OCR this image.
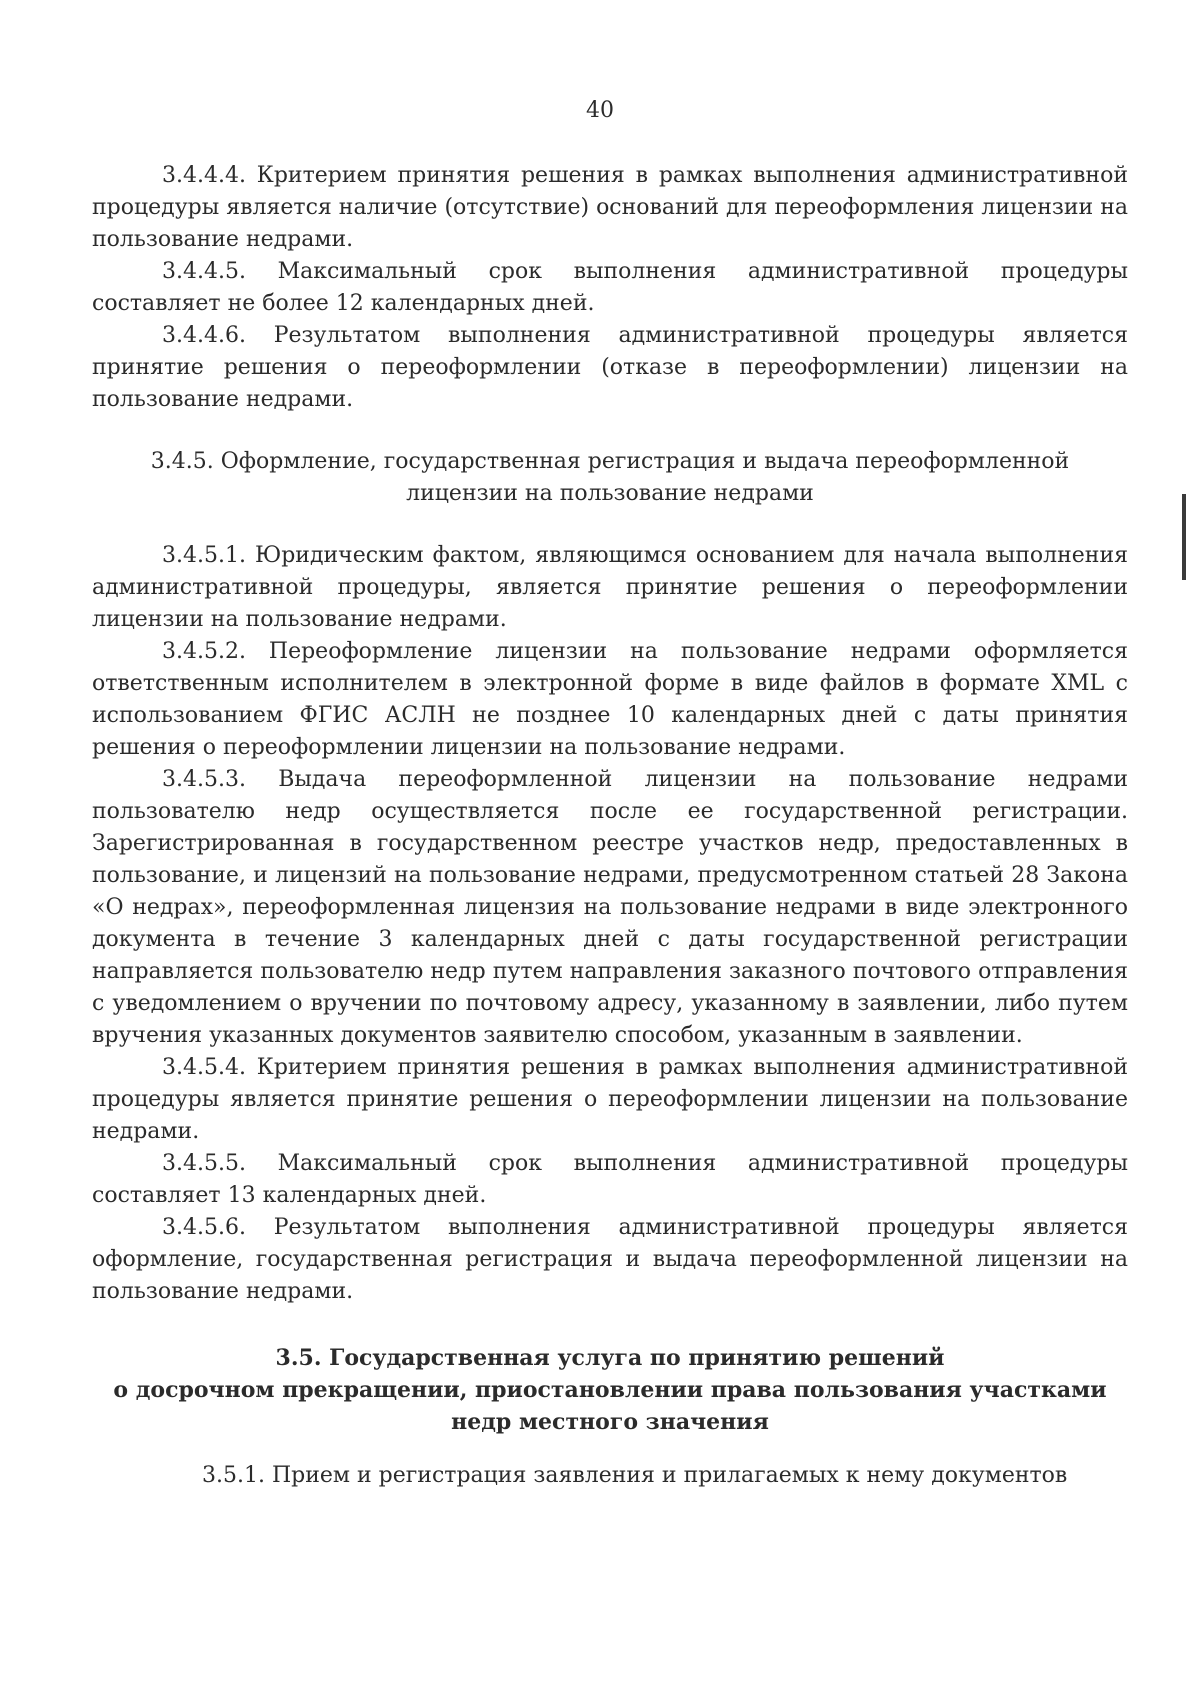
40

3.4.4.4. Критерием принятия решения в рамках выполнения административной процедуры является наличие (отсутствие) оснований для переоформления лицензии на пользование недрами.

3.4.4.5. Максимальный срок выполнения административной процедуры составляет не более 12 календарных дней.

3.4.4.6. Результатом выполнения административной процедуры является принятие решения о переоформлении (отказе в переоформлении) лицензии на пользование недрами.

3.4.5. Оформление, государственная регистрация и выдача переоформленной
лицензии на пользование недрами

3.4.5.1. Юридическим фактом, являющимся основанием для начала выполнения административной процедуры, является принятие решения о переоформлении лицензии на пользование недрами.

3.4.5.2. Переоформление лицензии на пользование недрами оформляется ответственным исполнителем в электронной форме в виде файлов в формате XML с использованием ФГИС АСЛН не позднее 10 календарных дней с даты принятия решения о переоформлении лицензии на пользование недрами.

3.4.5.3. Выдача переоформленной лицензии на пользование недрами пользователю недр осуществляется после ее государственной регистрации. Зарегистрированная в государственном реестре участков недр, предоставленных в пользование, и лицензий на пользование недрами, предусмотренном статьей 28 Закона «О недрах», переоформленная лицензия на пользование недрами в виде электронного документа в течение 3 календарных дней с даты государственной регистрации направляется пользователю недр путем направления заказного почтового отправления с уведомлением о вручении по почтовому адресу, указанному в заявлении, либо путем вручения указанных документов заявителю способом, указанным в заявлении.

3.4.5.4. Критерием принятия решения в рамках выполнения административной процедуры является принятие решения о переоформлении лицензии на пользование недрами.

3.4.5.5. Максимальный срок выполнения административной процедуры составляет 13 календарных дней.

3.4.5.6. Результатом выполнения административной процедуры является оформление, государственная регистрация и выдача переоформленной лицензии на пользование недрами.

3.5. Государственная услуга по принятию решений
о досрочном прекращении, приостановлении права пользования участками
недр местного значения

3.5.1. Прием и регистрация заявления и прилагаемых к нему документов
